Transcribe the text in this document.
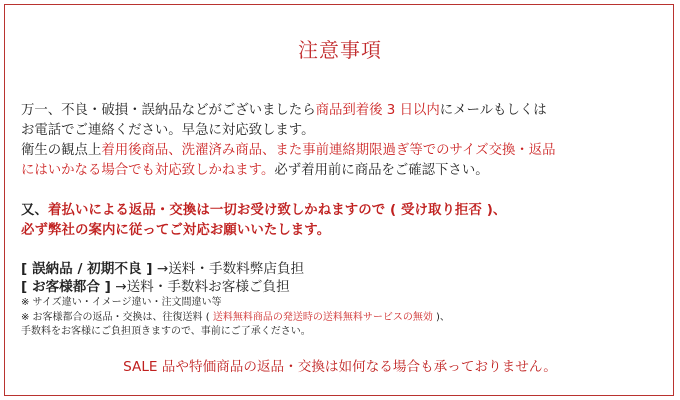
注意事項
万一、不良・破損・誤納品などがございましたら商品到着後 3 日以内にメールもしくは
お電話でご連絡ください。早急に対応致します。
衛生の観点上着用後商品、洗濯済み商品、また事前連絡期限過ぎ等でのサイズ交換・返品
にはいかなる場合でも対応致しかねます。必ず着用前に商品をご確認下さい。
又、着払いによる返品・交換は一切お受け致しかねますので ( 受け取り拒否 )、
必ず弊社の案内に従ってご対応お願いいたします。
[ 誤納品 / 初期不良 ] →送料・手数料弊店負担
[ お客様都合 ] →送料・手数料お客様ご負担
※ サイズ違い・イメージ違い・注文間違い等
※ お客様都合の返品・交換は、往復送料 ( 送料無料商品の発送時の送料無料サービスの無効 )、
手数料をお客様にご負担頂きますので、事前にご了承ください。
SALE 品や特価商品の返品・交換は如何なる場合も承っておりません。
